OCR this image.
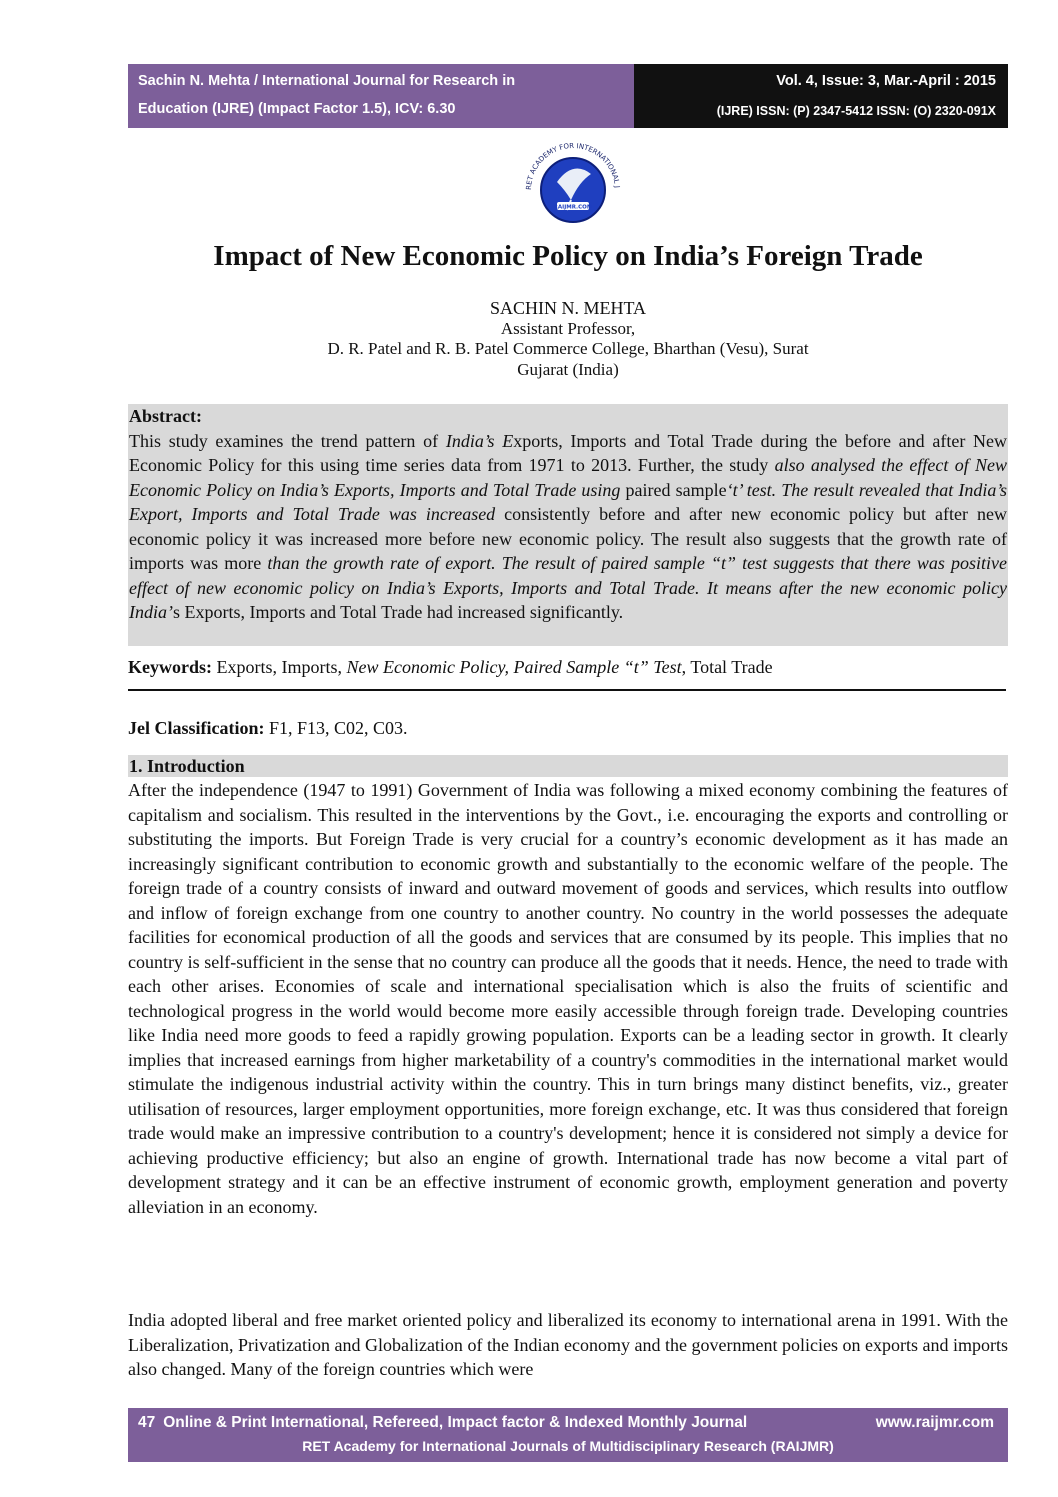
Sachin N. Mehta / International Journal for Research in
Education (IJRE) (Impact Factor 1.5), ICV: 6.30
Vol. 4, Issue: 3, Mar.-April : 2015
(IJRE) ISSN: (P) 2347-5412 ISSN: (O) 2320-091X
RET ACADEMY FOR INTERNATIONAL J
RAIJMR.COM
Impact of New Economic Policy on India’s Foreign Trade
SACHIN N. MEHTA
Assistant Professor,
D. R. Patel and R. B. Patel Commerce College, Bharthan (Vesu), Surat
Gujarat (India)
Abstract:
This study examines the trend pattern of India’s Exports, Imports and Total Trade during the before and after New Economic Policy for this using time series data from 1971 to 2013. Further, the study also analysed the effect of New Economic Policy on India’s Exports, Imports and Total Trade using paired sample‘t’ test. The result revealed that India’s Export, Imports and Total Trade was increased consistently before and after new economic policy but after new economic policy it was increased more before new economic policy. The result also suggests that the growth rate of imports was more than the growth rate of export. The result of paired sample “t” test suggests that there was positive effect of new economic policy on India’s Exports, Imports and Total Trade. It means after the new economic policy India’s Exports, Imports and Total Trade had increased significantly.
Keywords: Exports, Imports, New Economic Policy, Paired Sample “t” Test, Total Trade
Jel Classification: F1, F13, C02, C03.
1. Introduction

After the independence (1947 to 1991) Government of India was following a mixed economy combining the features of capitalism and socialism. This resulted in the interventions by the Govt., i.e. encouraging the exports and controlling or substituting the imports. But Foreign Trade is very crucial for a country’s economic development as it has made an increasingly significant contribution to economic growth and substantially to the economic welfare of the people. The foreign trade of a country consists of inward and outward movement of goods and services, which results into outflow and inflow of foreign exchange from one country to another country. No country in the world possesses the adequate facilities for economical production of all the goods and services that are consumed by its people. This implies that no country is self-sufficient in the sense that no country can produce all the goods that it needs. Hence, the need to trade with each other arises. Economies of scale and international specialisation which is also the fruits of scientific and technological progress in the world would become more easily accessible through foreign trade. Developing countries like India need more goods to feed a rapidly growing population. Exports can be a leading sector in growth. It clearly implies that increased earnings from higher marketability of a country's commodities in the international market would stimulate the indigenous industrial activity within the country. This in turn brings many distinct benefits, viz., greater utilisation of resources, larger employment opportunities, more foreign exchange, etc. It was thus considered that foreign trade would make an impressive contribution to a country's development; hence it is considered not simply a device for achieving productive efficiency; but also an engine of growth. International trade has now become a vital part of development strategy and it can be an effective instrument of economic growth, employment generation and poverty alleviation in an economy.

India adopted liberal and free market oriented policy and liberalized its economy to international arena in 1991. With the Liberalization, Privatization and Globalization of the Indian economy and the government policies on exports and imports also changed. Many of the foreign countries which were

47 Online & Print International, Refereed, Impact factor & Indexed Monthly Journal	www.raijmr.com
RET Academy for International Journals of Multidisciplinary Research (RAIJMR)
